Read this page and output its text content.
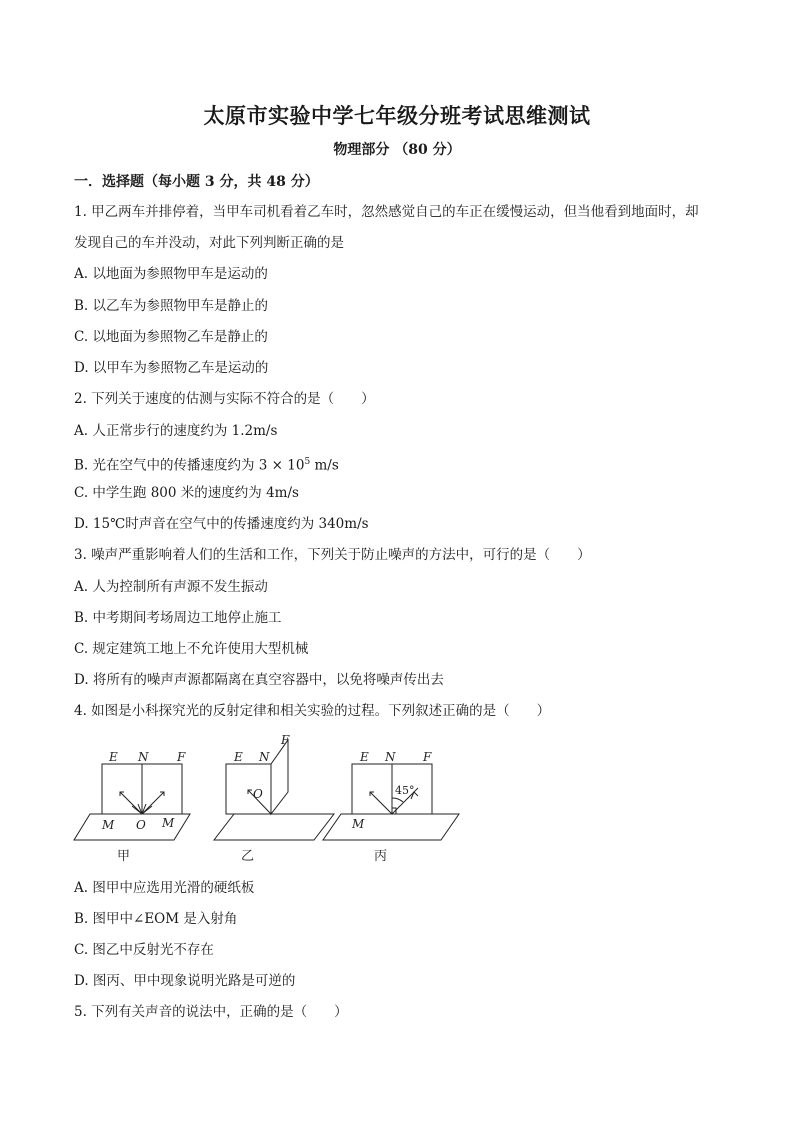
太原市实验中学七年级分班考试思维测试
物理部分 （80 分）
一．选择题（每小题 3 分，共 48 分）
1. 甲乙两车并排停着，当甲车司机看着乙车时，忽然感觉自己的车正在缓慢运动，但当他看到地面时，却
发现自己的车并没动，对此下列判断正确的是
A. 以地面为参照物甲车是运动的
B. 以乙车为参照物甲车是静止的
C. 以地面为参照物乙车是静止的
D. 以甲车为参照物乙车是运动的
2. 下列关于速度的估测与实际不符合的是（　　）
A. 人正常步行的速度约为 1.2m/s
B. 光在空气中的传播速度约为 $3 \times 10^5$ m/s
C. 中学生跑 800 米的速度约为 4m/s
D. 15℃时声音在空气中的传播速度约为 340m/s
3. 噪声严重影响着人们的生活和工作，下列关于防止噪声的方法中，可行的是（　　）
A. 人为控制所有声源不发生振动
B. 中考期间考场周边工地停止施工
C. 规定建筑工地上不允许使用大型机械
D. 将所有的噪声声源都隔离在真空容器中，以免将噪声传出去
4. 如图是小科探究光的反射定律和相关实验的过程。下列叙述正确的是（　　）
E N F
M O M
E N
F
O
E N F
M
45°
甲	乙	丙
A. 图甲中应选用光滑的硬纸板
B. 图甲中∠EOM 是入射角
C. 图乙中反射光不存在
D. 图丙、甲中现象说明光路是可逆的
5. 下列有关声音的说法中，正确的是（　　）
